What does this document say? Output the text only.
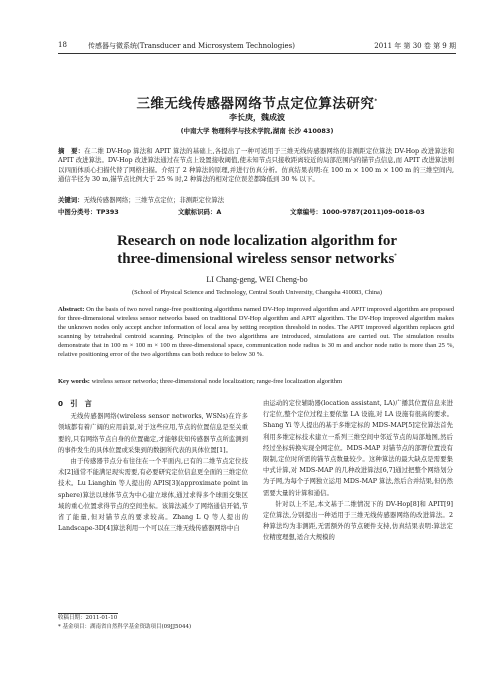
18	传感器与微系统(Transducer and Microsystem Technologies)	2011 年 第 30 卷 第 9 期
三维无线传感器网络节点定位算法研究*
李长庚，魏成波
(中南大学 物理科学与技术学院,湖南 长沙 410083)
摘　要：在二维 DV-Hop 算法和 APIT 算法的基础上,各提出了一种可适用于三维无线传感器网络的非测距定位算法 DV-Hop 改进算法和 APIT 改进算法。DV-Hop 改进算法通过在节点上设置接收阈值,使未知节点只接收距离较近的局部范围内的锚节点信息,而 APIT 改进算法则以四面体质心扫描代替了网格扫描。介绍了 2 种算法的原理,并进行仿真分析。仿真结果表明:在 100 m × 100 m × 100 m 的三维空间内,通信半径为 30 m,锚节点比例大于 25 % 时,2 种算法的相对定位误差都降低到 30 % 以下。
关键词：无线传感器网络；三维节点定位；非测距定位算法
中图分类号：TP393	文献标识码：A	文章编号：1000-9787(2011)09-0018-03
Research on node localization algorithm for
three-dimensional wireless sensor networks*
LI Chang-geng, WEI Cheng-bo
(School of Physical Science and Technology, Central South University, Changsha 410083, China)
Abstract: On the basis of two novel range-free positioning algorithms named DV-Hop improved algorithm and APIT improved algorithm are proposed for three-dimensional wireless sensor networks based on traditional DV-Hop algorithm and APIT algorithm. The DV-Hop improved algorithm makes the unknown nodes only accept anchor information of local area by setting reception threshold in nodes. The APIT improved algorithm replaces grid scanning by tetrahedral centroid scanning. Principles of the two algorithms are introduced, simulations are carried out. The simulation results demonstrate that in 100 m × 100 m × 100 m three-dimensional space, communication node radius is 30 m and anchor node ratio is more than 25 %, relative positioning error of the two algorithms can both reduce to below 30 %.
Key words: wireless sensor networks; three-dimensional node localization; range-free localization algorithm
0　 引　言

无线传感器网络(wireless sensor networks, WSNs)在许多领域都有着广阔的应用前景,对于这些应用,节点的位置信息是至关重要的,只有网络节点自身的位置确定,才能够获知传感器节点所监测到的事件发生的具体位置或采集到的数据所代表的具体位置[1]。

由于传感器节点分布往往在一个平面内,已有的二维节点定位技术[2]通常不能满足现实需要,有必要研究定位信息更全面的三维定位技术。Lu Lianghin 等人提出的 APIS[3](approximate point in sphere)算法以球体节点为中心建立球体,通过求得多个球面交集区域的重心位置求得节点的空间坐标。该算法减少了网络通信开销,节省了能量,但对锚节点的要求较高。Zhang L Q 等人提出的 Landscape-3D[4]算法利用一个可以在三维无线传感器网络中自

由运动的定位辅助器(location assistant, LA)广播其位置信息来进行定位,整个定位过程主要依靠 LA 设施,对 LA 设施有很高的要求。Shang Yi 等人提出的基于多维定标的 MDS-MAP[5]定位算法首先利用多维定标技术建立一系列三维空间中邻近节点的局部地图,然后经过坐标转换实现全网定位。MDS-MAP 对锚节点的部署位置没有限制,定位时所需的锚节点数量较少。这种算法的最大缺点是需要集中式计算,对 MDS-MAP 的几种改进算法[6,7]通过把整个网络划分为子网,为每个子网独立运用 MDS-MAP 算法,然后合并结果,但仍然需要大量的计算和通信。

针对以上不足,本文基于二维情况下的 DV-Hop[8]和 APIT[9]定位算法,分别提出一种适用于三维无线传感器网络的改进算法。2 种算法均为非测距,无需额外的节点硬件支持,仿真结果表明:算法定位精度理想,适合大规模的

收稿日期：2011-01-10
* 基金项目：湖南省自然科学基金资助项目(09JJ5044)
